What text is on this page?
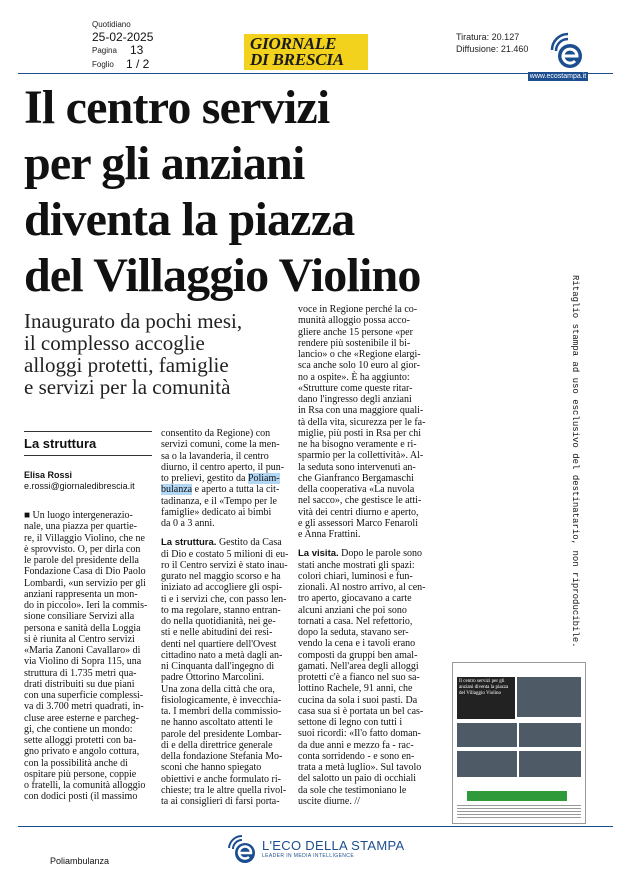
Quotidiano
25-02-2025
Pagina 13
Foglio 1 / 2
GIORNALE
DI BRESCIA
Tiratura: 20.127
Diffusione: 21.460
www.ecostampa.it
Il centro servizi
per gli anziani
diventa la piazza
del Villaggio Violino
Inaugurato da pochi mesi,
il complesso accoglie
alloggi protetti, famiglie
e servizi per la comunità
La struttura
Elisa Rossi
e.rossi@giornaledibrescia.it
■ Un luogo intergenerazio-
nale, una piazza per quartie-
re, il Villaggio Violino, che ne
è sprovvisto. O, per dirla con
le parole del presidente della
Fondazione Casa di Dio Paolo
Lombardi, «un servizio per gli
anziani rappresenta un mon-
do in piccolo». Ieri la commis-
sione consiliare Servizi alla
persona e sanità della Loggia
si è riunita al Centro servizi
«Maria Zanoni Cavallaro» di
via Violino di Sopra 115, una
struttura di 1.735 metri qua-
drati distribuiti su due piani
con una superficie complessi-
va di 3.700 metri quadrati, in-
cluse aree esterne e parcheg-
gi, che contiene un mondo:
sette alloggi protetti con ba-
gno privato e angolo cottura,
con la possibilità anche di
ospitare più persone, coppie
o fratelli, la comunità alloggio
con dodici posti (il massimo
consentito da Regione) con
servizi comuni, come la men-
sa o la lavanderia, il centro
diurno, il centro aperto, il pun-
to prelievi, gestito da Poliam-
bulanza e aperto a tutta la cit-
tadinanza, e il «Tempo per le
famiglie» dedicato ai bimbi
da 0 a 3 anni.
La struttura. Gestito da Casa
di Dio e costato 5 milioni di eu-
ro il Centro servizi è stato inau-
gurato nel maggio scorso e ha
iniziato ad accogliere gli ospi-
ti e i servizi che, con passo len-
to ma regolare, stanno entran-
do nella quotidianità, nei ge-
sti e nelle abitudini dei resi-
denti nel quartiere dell'Ovest
cittadino nato a metà dagli an-
ni Cinquanta dall'ingegno di
padre Ottorino Marcolini.
Una zona della città che ora,
fisiologicamente, è invecchia-
ta. I membri della commissio-
ne hanno ascoltato attenti le
parole del presidente Lombar-
di e della direttrice generale
della fondazione Stefania Mo-
sconi che hanno spiegato
obiettivi e anche formulato ri-
chieste; tra le altre quella rivol-
ta ai consiglieri di farsi porta-
voce in Regione perché la co-
munità alloggio possa acco-
gliere anche 15 persone «per
rendere più sostenibile il bi-
lancio» o che «Regione elargi-
sca anche solo 10 euro al gior-
no a ospite». È ha aggiunto:
«Strutture come queste ritar-
dano l'ingresso degli anziani
in Rsa con una maggiore quali-
tà della vita, sicurezza per le fa-
miglie, più posti in Rsa per chi
ne ha bisogno veramente e ri-
sparmio per la collettività». Al-
la seduta sono intervenuti an-
che Gianfranco Bergamaschi
della cooperativa «La nuvola
nel sacco», che gestisce le atti-
vità dei centri diurno e aperto,
e gli assessori Marco Fenaroli
e Anna Frattini.
La visita. Dopo le parole sono
stati anche mostrati gli spazi:
colori chiari, luminosi e fun-
zionali. Al nostro arrivo, al cen-
tro aperto, giocavano a carte
alcuni anziani che poi sono
tornati a casa. Nel refettorio,
dopo la seduta, stavano ser-
vendo la cena e i tavoli erano
composti da gruppi ben amal-
gamati. Nell'area degli alloggi
protetti c'è a fianco nel suo sa-
lottino Rachele, 91 anni, che
cucina da sola i suoi pasti. Da
casa sua si è portata un bel cas-
settone di legno con tutti i
suoi ricordi: «Il'o fatto doman-
da due anni e mezzo fa - rac-
conta sorridendo - e sono en-
trata a metà luglio». Sul tavolo
del salotto un paio di occhiali
da sole che testimoniano le
uscite diurne. //
Ritaglio stampa ad uso esclusivo del destinatario, non riproducibile.
Il centro servizi per gli anziani diventa la piazza del Villaggio Violino
L'ECO DELLA STAMPA
LEADER IN MEDIA INTELLIGENCE
Poliambulanza
